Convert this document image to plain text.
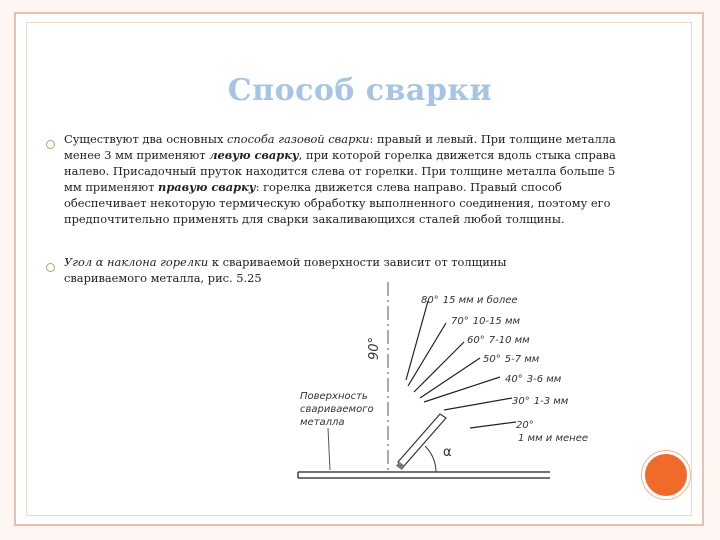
Способ сварки
Существуют два основных способа газовой сварки: правый и левый. При толщине металла менее 3 мм применяют левую сварку, при которой горелка движется вдоль стыка справа налево. Присадочный пруток находится слева от горелки. При толщине металла больше 5 мм применяют правую сварку: горелка движется слева направо. Правый способ обеспечивает некоторую термическую обработку выполненного соединения, поэтому его предпочтительно применять для сварки закаливающихся сталей любой толщины.
Угол α наклона горелки к свариваемой поверхности зависит от толщины свариваемого металла, рис. 5.25
90°
Поверхность свариваемого металла
α
80° 15 мм и более
70° 10-15 мм
60° 7-10 мм
50° 5-7 мм
40° 3-6 мм
30° 1-3 мм
20°
1 мм и менее
